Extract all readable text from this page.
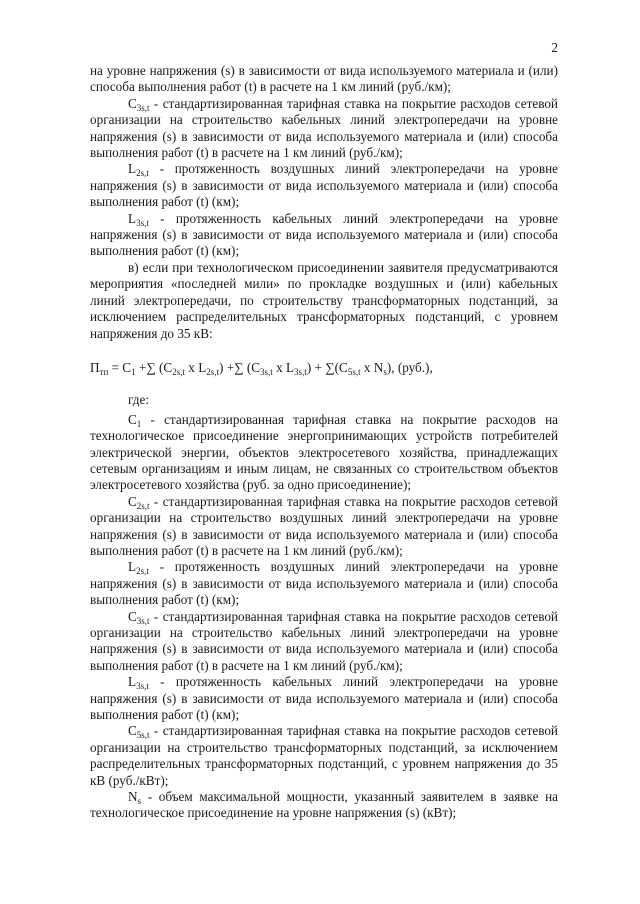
2

на уровне напряжения (s) в зависимости от вида используемого материала и (или) способа выполнения работ (t) в расчете на 1 км линий (руб./км);

$С_{3s,t}$ - стандартизированная тарифная ставка на покрытие расходов сетевой организации на строительство кабельных линий электропередачи на уровне напряжения (s) в зависимости от вида используемого материала и (или) способа выполнения работ (t) в расчете на 1 км линий (руб./км);

$L_{2s,t}$ - протяженность воздушных линий электропередачи на уровне напряжения (s) в зависимости от вида используемого материала и (или) способа выполнения работ (t) (км);

$L_{3s,t}$ - протяженность кабельных линий электропередачи на уровне напряжения (s) в зависимости от вида используемого материала и (или) способа выполнения работ (t) (км);

в) если при технологическом присоединении заявителя предусматриваются мероприятия «последней мили» по прокладке воздушных и (или) кабельных линий электропередачи, по строительству трансформаторных подстанций, за исключением распределительных трансформаторных подстанций, с уровнем напряжения до 35 кВ:

$П_{тп} = С_1$ +∑ ($С_{2s,t}$ х $L_{2s,t}$) +∑ ($С_{3s,t}$ х $L_{3s,t}) + \sum(С_{5s,t}$ х $N_s$), (руб.),

где:

$С_1$ - стандартизированная тарифная ставка на покрытие расходов на технологическое присоединение энергопринимающих устройств потребителей электрической энергии, объектов электросетевого хозяйства, принадлежащих сетевым организациям и иным лицам, не связанных со строительством объектов электросетевого хозяйства (руб. за одно присоединение);

$С_{2s,t}$ - стандартизированная тарифная ставка на покрытие расходов сетевой организации на строительство воздушных линий электропередачи на уровне напряжения (s) в зависимости от вида используемого материала и (или) способа выполнения работ (t) в расчете на 1 км линий (руб./км);

$L_{2s,t}$ - протяженность воздушных линий электропередачи на уровне напряжения (s) в зависимости от вида используемого материала и (или) способа выполнения работ (t) (км);

$С_{3s,t}$ - стандартизированная тарифная ставка на покрытие расходов сетевой организации на строительство кабельных линий электропередачи на уровне напряжения (s) в зависимости от вида используемого материала и (или) способа выполнения работ (t) в расчете на 1 км линий (руб./км);

$L_{3s,t}$ - протяженность кабельных линий электропередачи на уровне напряжения (s) в зависимости от вида используемого материала и (или) способа выполнения работ (t) (км);

$С_{5s,t}$ - стандартизированная тарифная ставка на покрытие расходов сетевой организации на строительство трансформаторных подстанций, за исключением распределительных трансформаторных подстанций, с уровнем напряжения до 35 кВ (руб./кВт);

$N_s$ - объем максимальной мощности, указанный заявителем в заявке на технологическое присоединение на уровне напряжения (s) (кВт);
